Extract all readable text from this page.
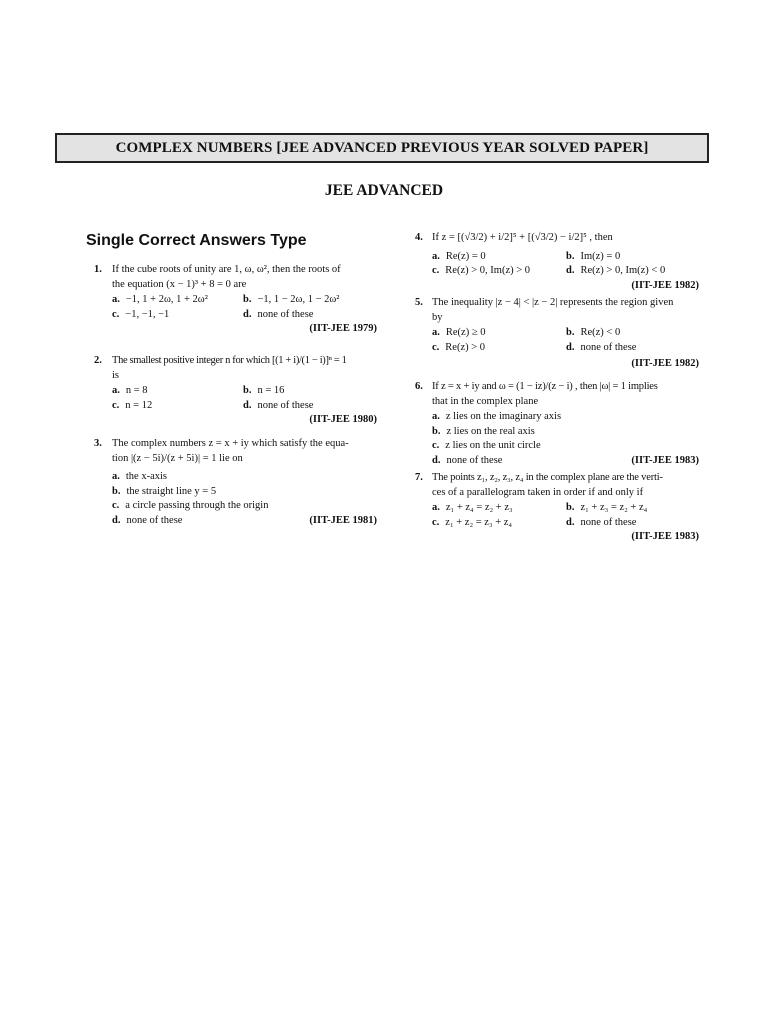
COMPLEX NUMBERS [JEE ADVANCED PREVIOUS YEAR SOLVED PAPER]
JEE ADVANCED
Single Correct Answers Type
1. If the cube roots of unity are 1, ω, ω², then the roots of
the equation (x − 1)³ + 8 = 0 are
a. −1, 1 + 2ω, 1 + 2ω²	b. −1, 1 − 2ω, 1 − 2ω²
c. −1, −1, −1	d. none of these
(IIT-JEE 1979)
2. The smallest positive integer n for which [(1 + i)/(1 − i)]ⁿ = 1
is
a. n = 8	b. n = 16
c. n = 12	d. none of these
(IIT-JEE 1980)
3. The complex numbers z = x + iy which satisfy the equa-
tion |(z − 5i)/(z + 5i)| = 1 lie on
a. the x-axis
b. the straight line y = 5
c. a circle passing through the origin
d. none of these	(IIT-JEE 1981)
4. If z = [(√3/2) + i/2]⁵ + [(√3/2) − i/2]⁵ , then
a. Re(z) = 0	b. Im(z) = 0
c. Re(z) > 0, Im(z) > 0	d. Re(z) > 0, Im(z) < 0
(IIT-JEE 1982)
5. The inequality |z − 4| < |z − 2| represents the region given
by
a. Re(z) ≥ 0	b. Re(z) < 0
c. Re(z) > 0	d. none of these
(IIT-JEE 1982)
6. If z = x + iy and ω = (1 − iz)/(z − i) , then |ω| = 1 implies
that in the complex plane
a. z lies on the imaginary axis
b. z lies on the real axis
c. z lies on the unit circle
d. none of these	(IIT-JEE 1983)
7. The points z₁, z₂, z₃, z₄ in the complex plane are the verti-
ces of a parallelogram taken in order if and only if
a. z₁ + z₄ = z₂ + z₃	b. z₁ + z₃ = z₂ + z₄
c. z₁ + z₂ = z₃ + z₄	d. none of these
(IIT-JEE 1983)
